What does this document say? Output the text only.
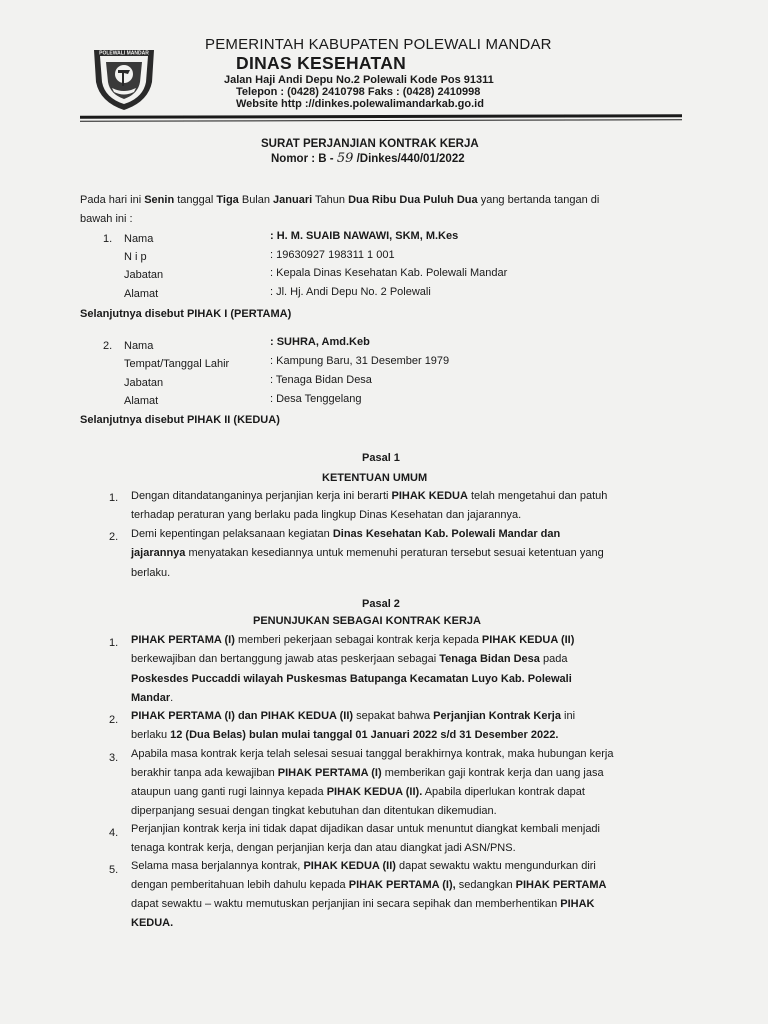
POLEWALI MANDAR
PEMERINTAH KABUPATEN POLEWALI MANDAR
DINAS KESEHATAN
Jalan Haji Andi Depu No.2 Polewali Kode Pos 91311
Telepon : (0428) 2410798 Faks : (0428) 2410998
Website http ://dinkes.polewalimandarkab.go.id
SURAT PERJANJIAN KONTRAK KERJA
Nomor : B - 59 /Dinkes/440/01/2022
Pada hari ini Senin tanggal Tiga Bulan Januari Tahun Dua Ribu Dua Puluh Dua yang bertanda tangan di
bawah ini :
1. Nama	: H. M. SUAIB NAWAWI, SKM, M.Kes
N i p	: 19630927 198311 1 001
Jabatan	: Kepala Dinas Kesehatan Kab. Polewali Mandar
Alamat	: Jl. Hj. Andi Depu No. 2 Polewali
Selanjutnya disebut PIHAK I (PERTAMA)
2. Nama	: SUHRA, Amd.Keb
Tempat/Tanggal Lahir	: Kampung Baru, 31 Desember 1979
Jabatan	: Tenaga Bidan Desa
Alamat	: Desa Tenggelang
Selanjutnya disebut PIHAK II (KEDUA)
Pasal 1
KETENTUAN UMUM
1. Dengan ditandatanganinya perjanjian kerja ini berarti PIHAK KEDUA telah mengetahui dan patuh
terhadap peraturan yang berlaku pada lingkup Dinas Kesehatan dan jajarannya.
2. Demi kepentingan pelaksanaan kegiatan Dinas Kesehatan Kab. Polewali Mandar dan
jajarannya menyatakan kesediannya untuk memenuhi peraturan tersebut sesuai ketentuan yang
berlaku.
Pasal 2
PENUNJUKAN SEBAGAI KONTRAK KERJA
1. PIHAK PERTAMA (I) memberi pekerjaan sebagai kontrak kerja kepada PIHAK KEDUA (II)
berkewajiban dan bertanggung jawab atas peskerjaan sebagai Tenaga Bidan Desa pada
Poskesdes Puccaddi wilayah Puskesmas Batupanga Kecamatan Luyo Kab. Polewali
Mandar.
2. PIHAK PERTAMA (I) dan PIHAK KEDUA (II) sepakat bahwa Perjanjian Kontrak Kerja ini
berlaku 12 (Dua Belas) bulan mulai tanggal 01 Januari 2022 s/d 31 Desember 2022.
3. Apabila masa kontrak kerja telah selesai sesuai tanggal berakhirnya kontrak, maka hubungan kerja
berakhir tanpa ada kewajiban PIHAK PERTAMA (I) memberikan gaji kontrak kerja dan uang jasa
ataupun uang ganti rugi lainnya kepada PIHAK KEDUA (II). Apabila diperlukan kontrak dapat
diperpanjang sesuai dengan tingkat kebutuhan dan ditentukan dikemudian.
4. Perjanjian kontrak kerja ini tidak dapat dijadikan dasar untuk menuntut diangkat kembali menjadi
tenaga kontrak kerja, dengan perjanjian kerja dan atau diangkat jadi ASN/PNS.
5. Selama masa berjalannya kontrak, PIHAK KEDUA (II) dapat sewaktu waktu mengundurkan diri
dengan pemberitahuan lebih dahulu kepada PIHAK PERTAMA (I), sedangkan PIHAK PERTAMA
dapat sewaktu – waktu memutuskan perjanjian ini secara sepihak dan memberhentikan PIHAK
KEDUA.
